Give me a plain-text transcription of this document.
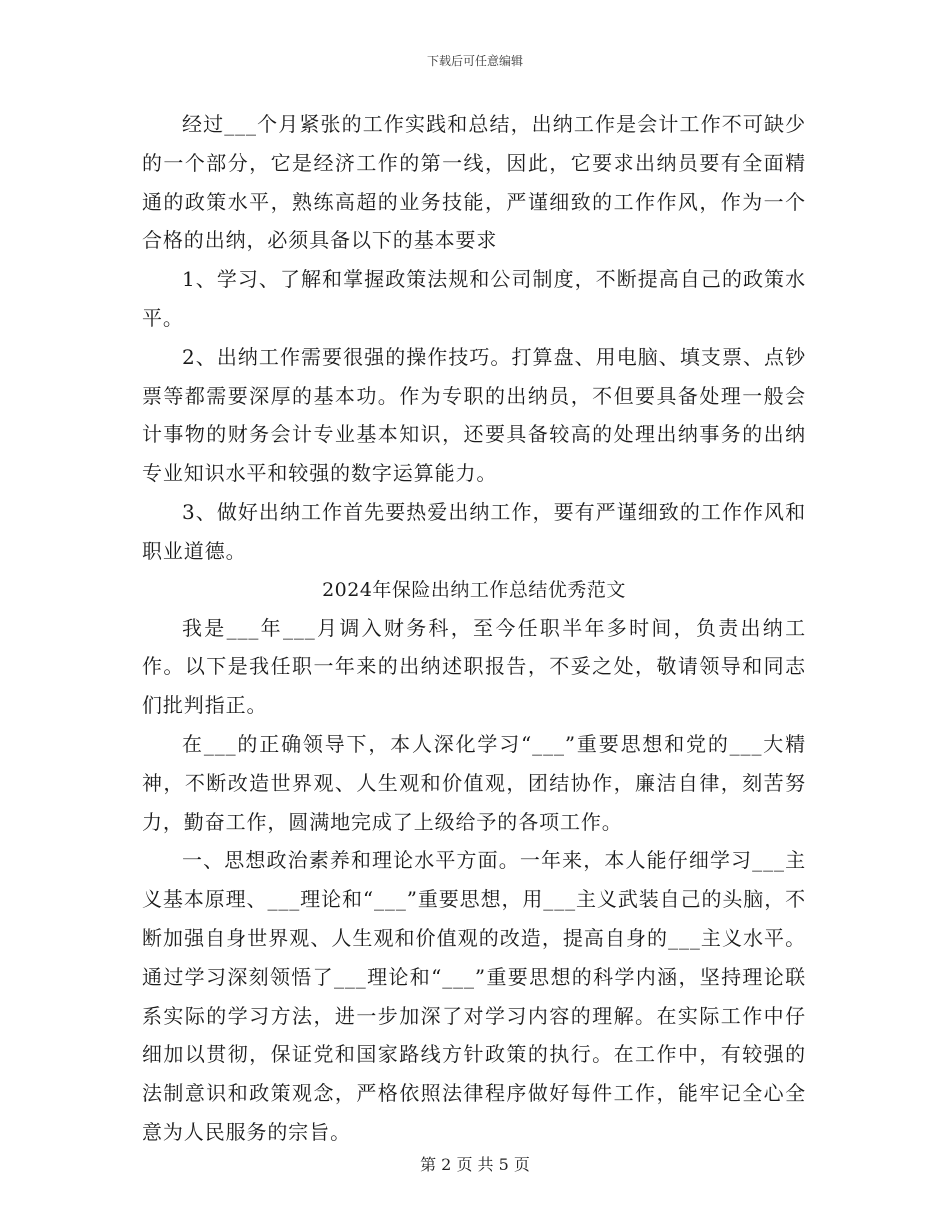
下载后可任意编辑

经过___个月紧张的工作实践和总结，出纳工作是会计工作不可缺少的一个部分，它是经济工作的第一线，因此，它要求出纳员要有全面精通的政策水平，熟练高超的业务技能，严谨细致的工作作风，作为一个合格的出纳，必须具备以下的基本要求

1、学习、了解和掌握政策法规和公司制度，不断提高自己的政策水平。

2、出纳工作需要很强的操作技巧。打算盘、用电脑、填支票、点钞票等都需要深厚的基本功。作为专职的出纳员，不但要具备处理一般会计事物的财务会计专业基本知识，还要具备较高的处理出纳事务的出纳专业知识水平和较强的数字运算能力。

3、做好出纳工作首先要热爱出纳工作，要有严谨细致的工作作风和职业道德。

2024年保险出纳工作总结优秀范文

我是___年___月调入财务科，至今任职半年多时间，负责出纳工作。以下是我任职一年来的出纳述职报告，不妥之处，敬请领导和同志们批判指正。

在___的正确领导下，本人深化学习“___”重要思想和党的___大精神，不断改造世界观、人生观和价值观，团结协作，廉洁自律，刻苦努力，勤奋工作，圆满地完成了上级给予的各项工作。

一、思想政治素养和理论水平方面。一年来，本人能仔细学习___主义基本原理、___理论和“___”重要思想，用___主义武装自己的头脑，不断加强自身世界观、人生观和价值观的改造，提高自身的___主义水平。通过学习深刻领悟了___理论和“___”重要思想的科学内涵，坚持理论联系实际的学习方法，进一步加深了对学习内容的理解。在实际工作中仔细加以贯彻，保证党和国家路线方针政策的执行。在工作中，有较强的法制意识和政策观念，严格依照法律程序做好每件工作，能牢记全心全意为人民服务的宗旨。

第 2 页 共 5 页
